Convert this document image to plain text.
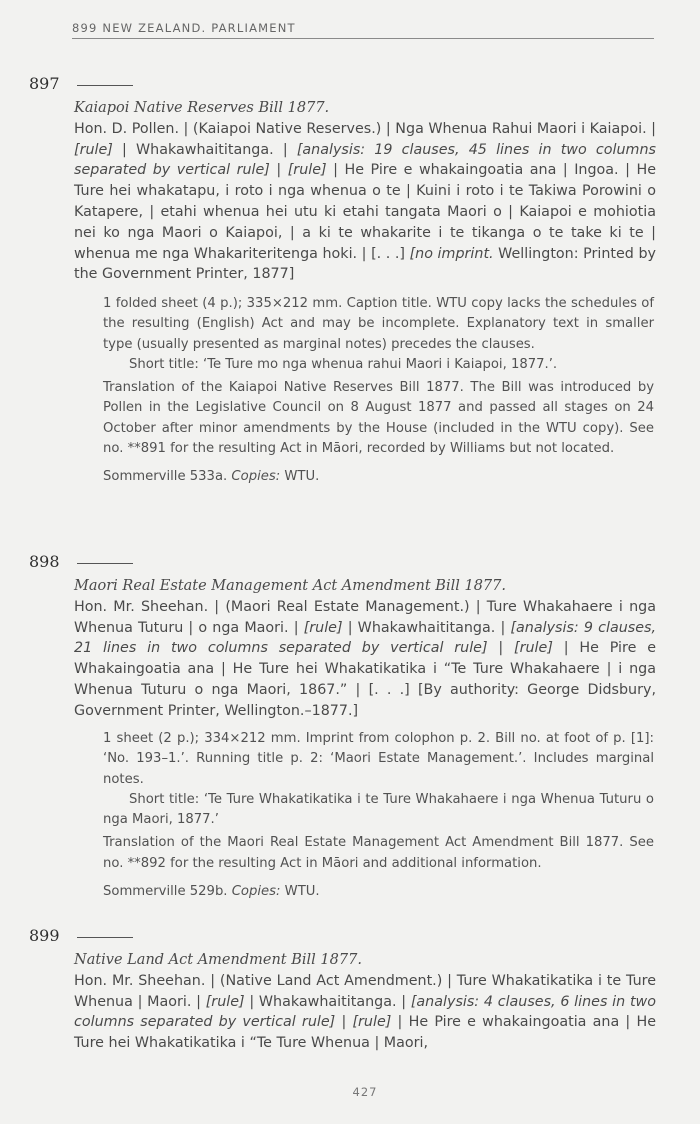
899 NEW ZEALAND. PARLIAMENT
897
Kaiapoi Native Reserves Bill 1877.
Hon. D. Pollen. | (Kaiapoi Native Reserves.) | Nga Whenua Rahui Maori i Kaiapoi. | [rule] | Whakawhaititanga. | [analysis: 19 clauses, 45 lines in two columns separated by vertical rule] | [rule] | He Pire e whakaingoatia ana | Ingoa. | He Ture hei whakatapu, i roto i nga whenua o te | Kuini i roto i te Takiwa Porowini o Katapere, | etahi whenua hei utu ki etahi tangata Maori o | Kaiapoi e mohiotia nei ko nga Maori o Kaiapoi, | a ki te whakarite i te tikanga o te take ki te | whenua me nga Whakariteritenga hoki. | [. . .] [no imprint. Wellington: Printed by the Government Printer, 1877]

1 folded sheet (4 p.); 335×212 mm. Caption title. WTU copy lacks the schedules of the resulting (English) Act and may be incomplete. Explanatory text in smaller type (usually presented as marginal notes) precedes the clauses.

Short title: ‘Te Ture mo nga whenua rahui Maori i Kaiapoi, 1877.’.

Translation of the Kaiapoi Native Reserves Bill 1877. The Bill was introduced by Pollen in the Legislative Council on 8 August 1877 and passed all stages on 24 October after minor amendments by the House (included in the WTU copy). See no. **891 for the resulting Act in Māori, recorded by Williams but not located.

Sommerville 533a. Copies: WTU.

898
Maori Real Estate Management Act Amendment Bill 1877.
Hon. Mr. Sheehan. | (Maori Real Estate Management.) | Ture Whakahaere i nga Whenua Tuturu | o nga Maori. | [rule] | Whakawhaititanga. | [analysis: 9 clauses, 21 lines in two columns separated by vertical rule] | [rule] | He Pire e Whakaingoatia ana | He Ture hei Whakatikatika i “Te Ture Whakahaere | i nga Whenua Tuturu o nga Maori, 1867.” | [. . .] [By authority: George Didsbury, Government Printer, Wellington.–1877.]

1 sheet (2 p.); 334×212 mm. Imprint from colophon p. 2. Bill no. at foot of p. [1]: ‘No. 193–1.’. Running title p. 2: ‘Maori Estate Management.’. Includes marginal notes.

Short title: ‘Te Ture Whakatikatika i te Ture Whakahaere i nga Whenua Tuturu o nga Maori, 1877.’

Translation of the Maori Real Estate Management Act Amendment Bill 1877. See no. **892 for the resulting Act in Māori and additional information.

Sommerville 529b. Copies: WTU.

899
Native Land Act Amendment Bill 1877.
Hon. Mr. Sheehan. | (Native Land Act Amendment.) | Ture Whakatikatika i te Ture Whenua | Maori. | [rule] | Whakawhaititanga. | [analysis: 4 clauses, 6 lines in two columns separated by vertical rule] | [rule] | He Pire e whakaingoatia ana | He Ture hei Whakatikatika i “Te Ture Whenua | Maori,
427
